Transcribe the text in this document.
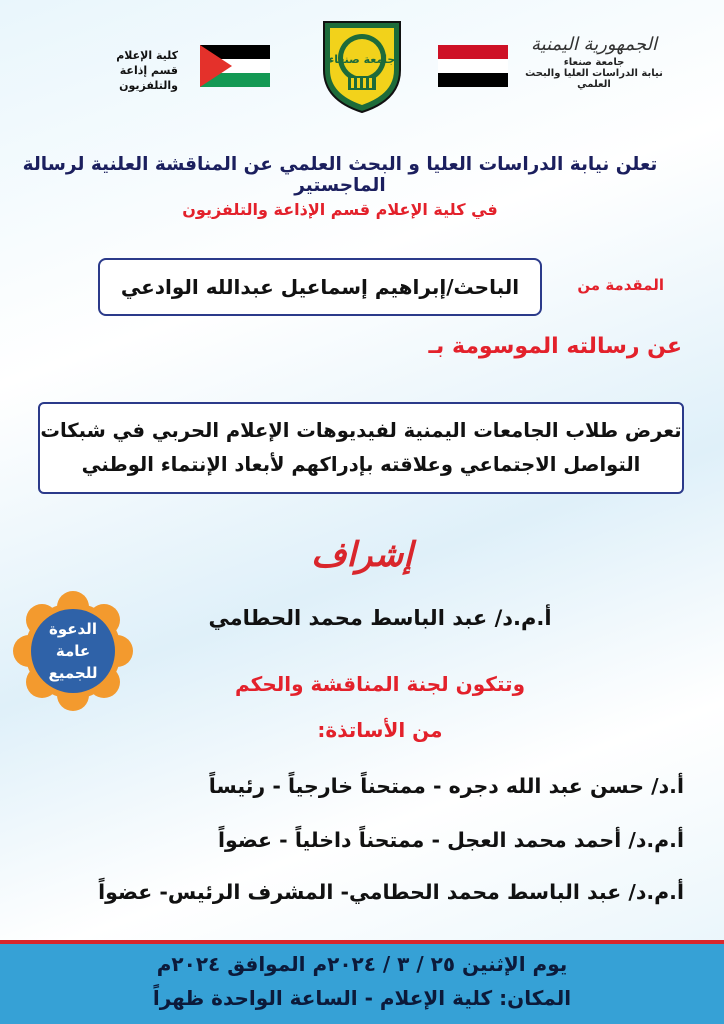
الجمهورية اليمنية
جامعة صنعاء
نيابة الدراسات العليا والبحث العلمي
جامعة صنعاء
كلية الإعلام
قسم إذاعة والتلفزيون
تعلن نيابة الدراسات العليا و البحث العلمي عن المناقشة العلنية لرسالة الماجستير
في كلية الإعلام قسم الإذاعة والتلفزيون
المقدمة من
الباحث/إبراهيم إسماعيل عبدالله الوادعي
عن رسالته الموسومة بـ
تعرض طلاب الجامعات اليمنية لفيديوهات الإعلام الحربي في شبكات
التواصل الاجتماعي وعلاقته بإدراكهم لأبعاد الإنتماء الوطني
إشراف
أ.م.د/ عبد الباسط محمد الحطامي
الدعوة
عامة
للجميع	وتتكون لجنة المناقشة والحكم
من الأساتذة:
أ.د/ حسن عبد الله دجره - ممتحناً خارجياً - رئيساً
أ.م.د/ أحمد محمد العجل - ممتحناً داخلياً - عضواً
أ.م.د/ عبد الباسط محمد الحطامي- المشرف الرئيس- عضواً
يوم الإثنين ٢٥ / ٣ / ٢٠٢٤م الموافق ٢٠٢٤م
المكان: كلية الإعلام - الساعة الواحدة ظهراً
